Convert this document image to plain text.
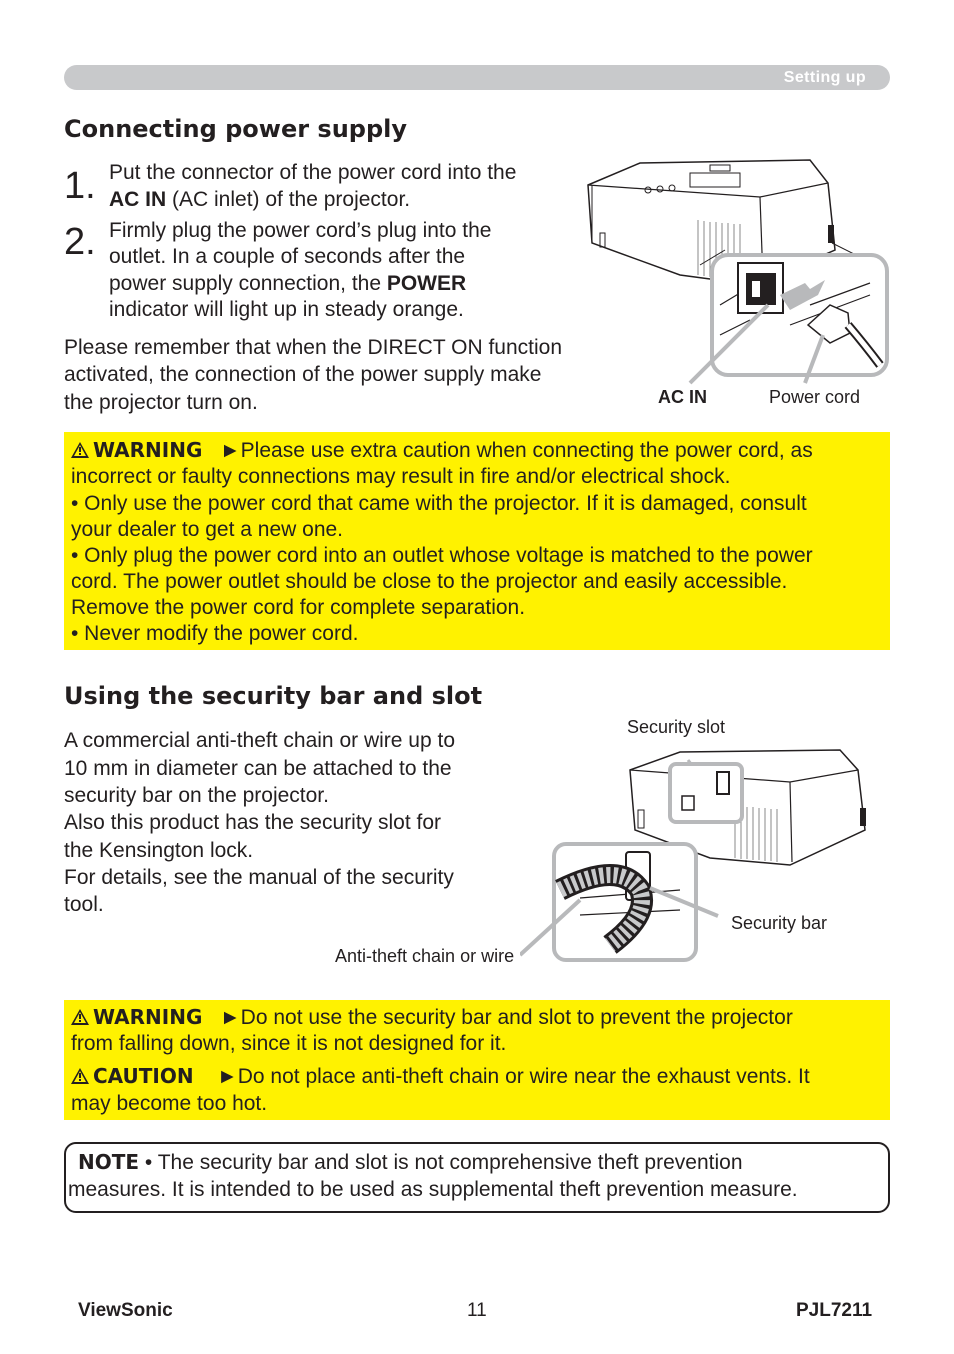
Setting up
Connecting power supply
1. Put the connector of the power cord into the
AC IN (AC inlet) of the projector.
2. Firmly plug the power cord’s plug into the
outlet. In a couple of seconds after the
power supply connection, the POWER
indicator will light up in steady orange.
Please remember that when the DIRECT ON function
activated, the connection of the power supply make
the projector turn on.	AC IN	Power cord
WARNING ►Please use extra caution when connecting the power cord, as
incorrect or faulty connections may result in fire and/or electrical shock.
• Only use the power cord that came with the projector. If it is damaged, consult
your dealer to get a new one.
• Only plug the power cord into an outlet whose voltage is matched to the power
cord. The power outlet should be close to the projector and easily accessible.
Remove the power cord for complete separation.
• Never modify the power cord.
Using the security bar and slot
A commercial anti-theft chain or wire up to
10 mm in diameter can be attached to the
security bar on the projector.
Also this product has the security slot for
the Kensington lock.
For details, see the manual of the security
tool.
Security slot
Security bar
Anti-theft chain or wire
WARNING ►Do not use the security bar and slot to prevent the projector
from falling down, since it is not designed for it.
CAUTION ►Do not place anti-theft chain or wire near the exhaust vents. It
may become too hot.
NOTE • The security bar and slot is not comprehensive theft prevention
measures. It is intended to be used as supplemental theft prevention measure.
ViewSonic	11	PJL7211
